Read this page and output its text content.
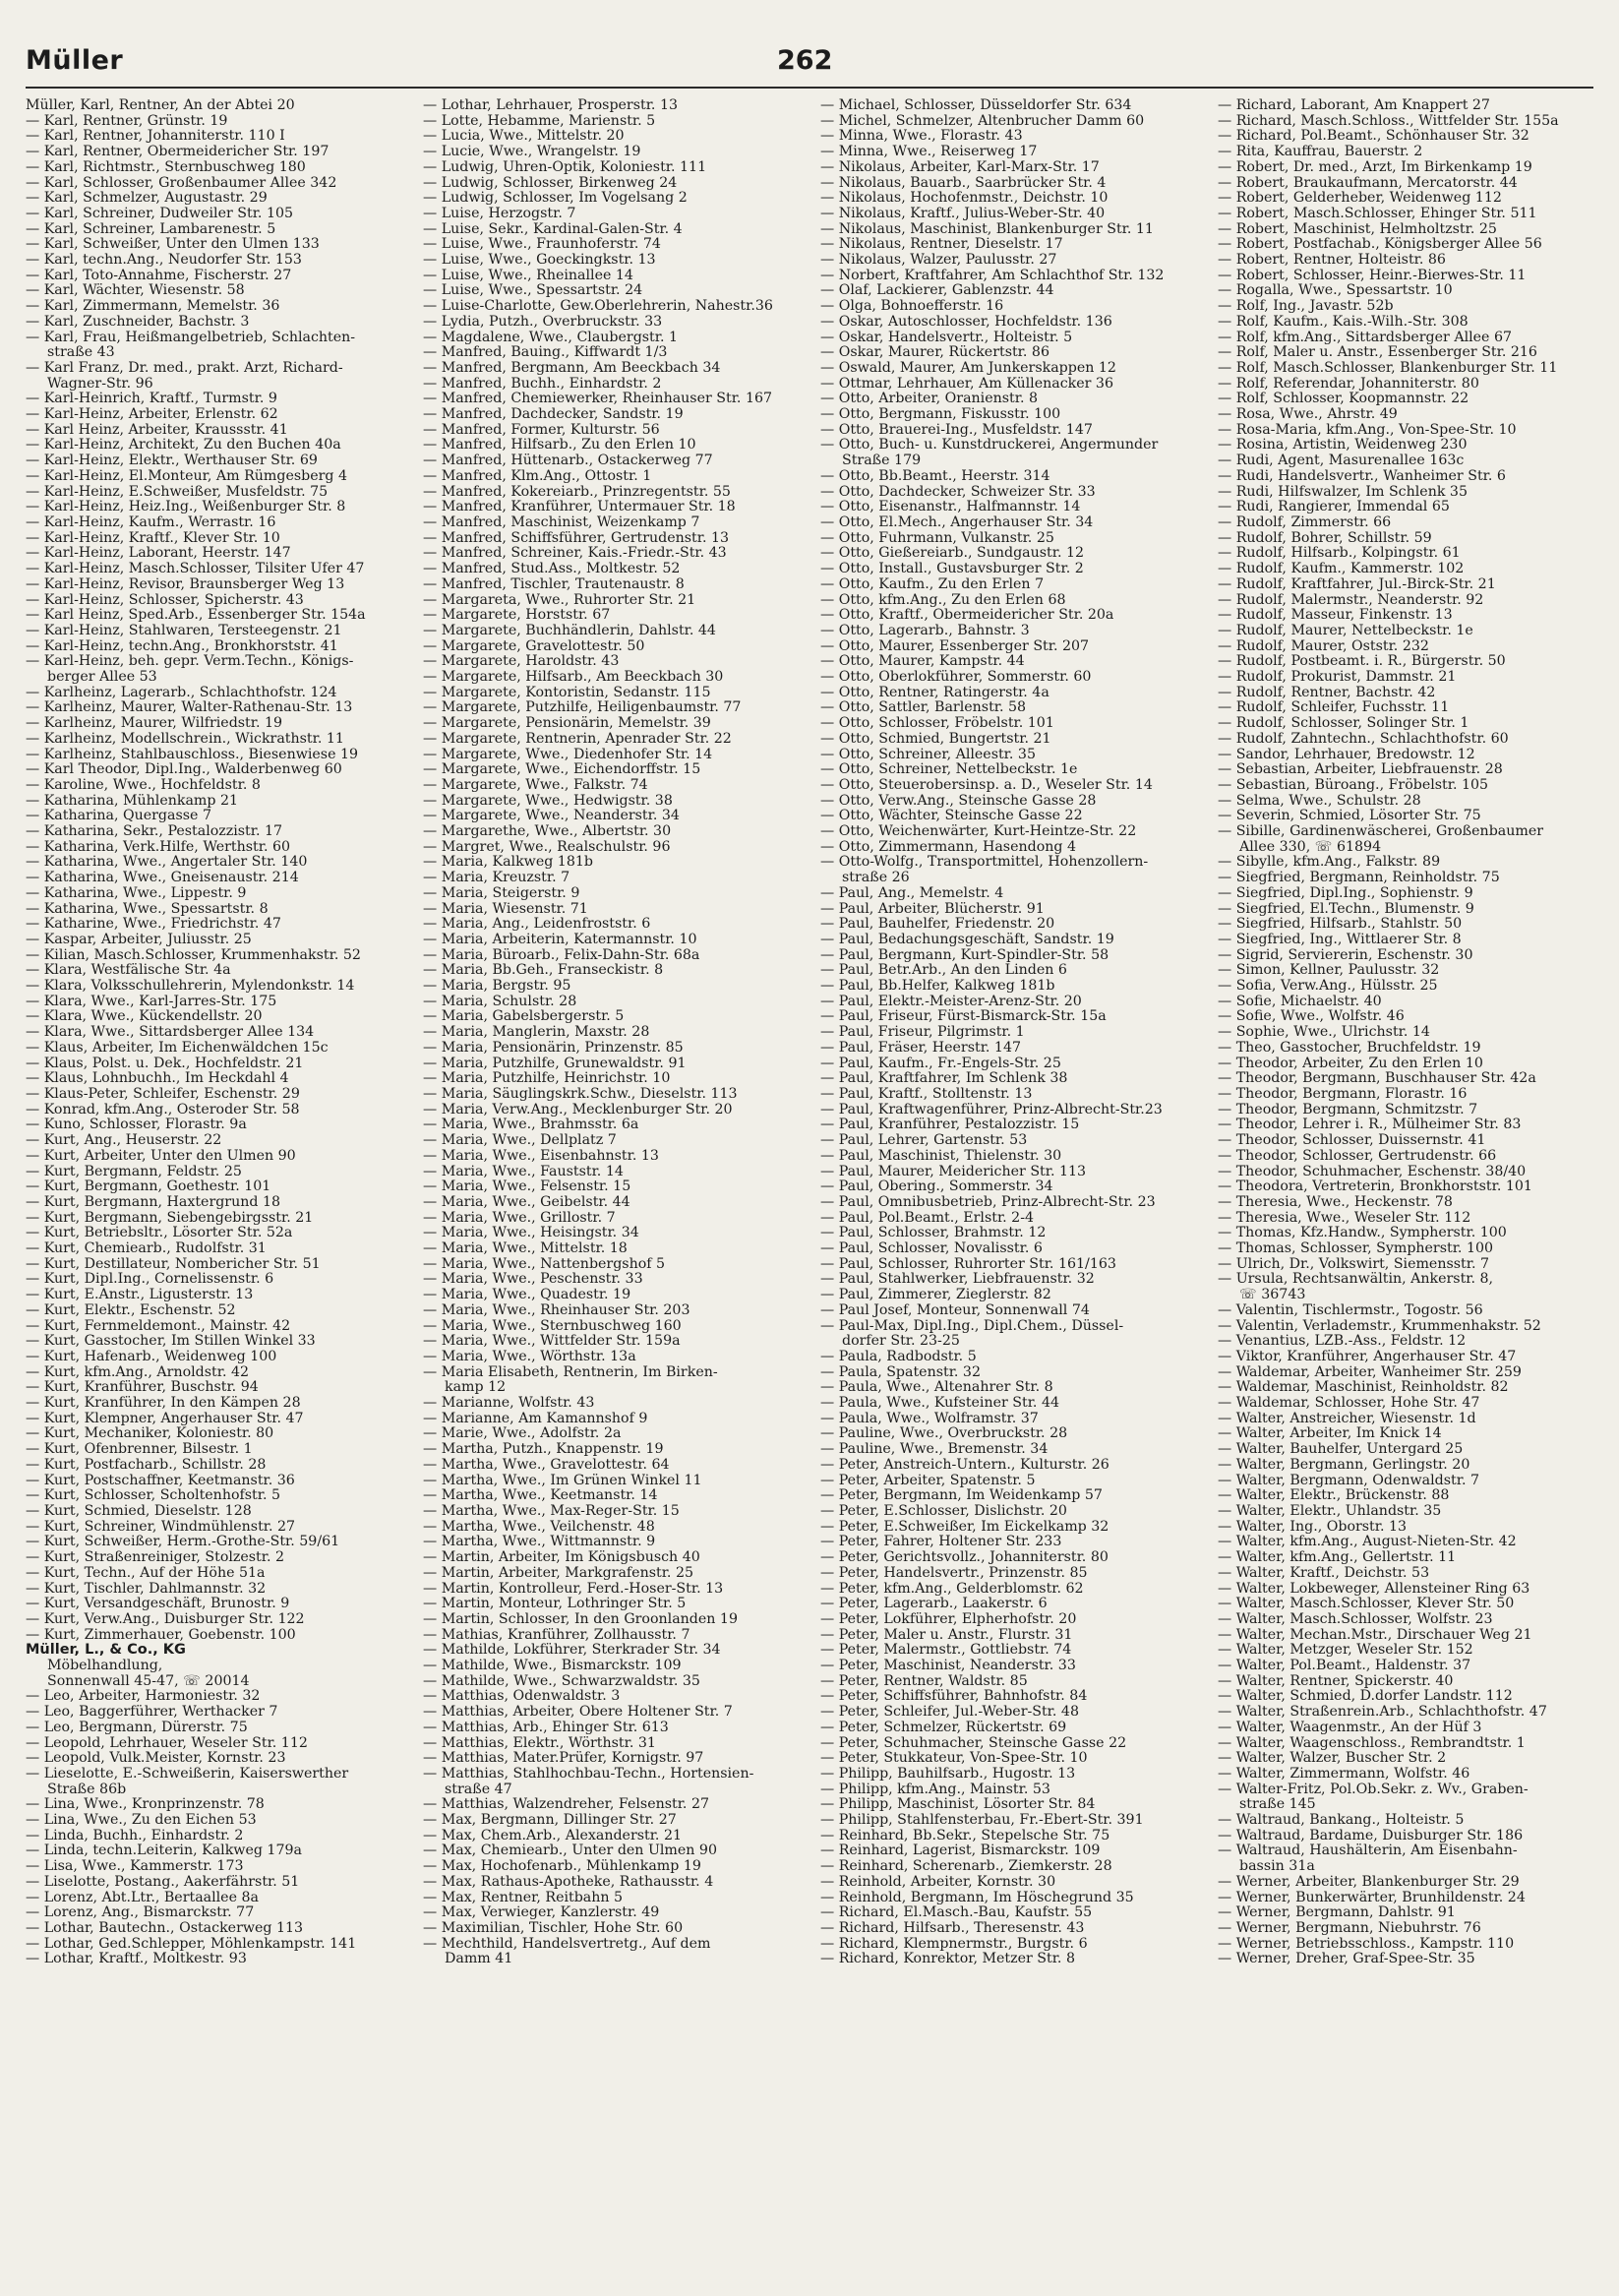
Müller	262

Müller, Karl, Rentner, An der Abtei 20

— Karl, Rentner, Grünstr. 19

— Karl, Rentner, Johanniterstr. 110 I

— Karl, Rentner, Obermeidericher Str. 197

— Karl, Richtmstr., Sternbuschweg 180

— Karl, Schlosser, Großenbaumer Allee 342

— Karl, Schmelzer, Augustastr. 29

— Karl, Schreiner, Dudweiler Str. 105

— Karl, Schreiner, Lambarenestr. 5

— Karl, Schweißer, Unter den Ulmen 133

— Karl, techn.Ang., Neudorfer Str. 153

— Karl, Toto-Annahme, Fischerstr. 27

— Karl, Wächter, Wiesenstr. 58

— Karl, Zimmermann, Memelstr. 36

— Karl, Zuschneider, Bachstr. 3

— Karl, Frau, Heißmangelbetrieb, Schlachten-

straße 43

— Karl Franz, Dr. med., prakt. Arzt, Richard-

Wagner-Str. 96

— Karl-Heinrich, Kraftf., Turmstr. 9

— Karl-Heinz, Arbeiter, Erlenstr. 62

— Karl Heinz, Arbeiter, Kraussstr. 41

— Karl-Heinz, Architekt, Zu den Buchen 40a

— Karl-Heinz, Elektr., Werthauser Str. 69

— Karl-Heinz, El.Monteur, Am Rümgesberg 4

— Karl-Heinz, E.Schweißer, Musfeldstr. 75

— Karl-Heinz, Heiz.Ing., Weißenburger Str. 8

— Karl-Heinz, Kaufm., Werrastr. 16

— Karl-Heinz, Kraftf., Klever Str. 10

— Karl-Heinz, Laborant, Heerstr. 147

— Karl-Heinz, Masch.Schlosser, Tilsiter Ufer 47

— Karl-Heinz, Revisor, Braunsberger Weg 13

— Karl-Heinz, Schlosser, Spicherstr. 43

— Karl Heinz, Sped.Arb., Essenberger Str. 154a

— Karl-Heinz, Stahlwaren, Tersteegenstr. 21

— Karl-Heinz, techn.Ang., Bronkhorststr. 41

— Karl-Heinz, beh. gepr. Verm.Techn., Königs-

berger Allee 53

— Karlheinz, Lagerarb., Schlachthofstr. 124

— Karlheinz, Maurer, Walter-Rathenau-Str. 13

— Karlheinz, Maurer, Wilfriedstr. 19

— Karlheinz, Modellschrein., Wickrathstr. 11

— Karlheinz, Stahlbauschloss., Biesenwiese 19

— Karl Theodor, Dipl.Ing., Walderbenweg 60

— Karoline, Wwe., Hochfeldstr. 8

— Katharina, Mühlenkamp 21

— Katharina, Quergasse 7

— Katharina, Sekr., Pestalozzistr. 17

— Katharina, Verk.Hilfe, Werthstr. 60

— Katharina, Wwe., Angertaler Str. 140

— Katharina, Wwe., Gneisenaustr. 214

— Katharina, Wwe., Lippestr. 9

— Katharina, Wwe., Spessartstr. 8

— Katharine, Wwe., Friedrichstr. 47

— Kaspar, Arbeiter, Juliusstr. 25

— Kilian, Masch.Schlosser, Krummenhakstr. 52

— Klara, Westfälische Str. 4a

— Klara, Volksschullehrerin, Mylendonkstr. 14

— Klara, Wwe., Karl-Jarres-Str. 175

— Klara, Wwe., Kückendellstr. 20

— Klara, Wwe., Sittardsberger Allee 134

— Klaus, Arbeiter, Im Eichenwäldchen 15c

— Klaus, Polst. u. Dek., Hochfeldstr. 21

— Klaus, Lohnbuchh., Im Heckdahl 4

— Klaus-Peter, Schleifer, Eschenstr. 29

— Konrad, kfm.Ang., Osteroder Str. 58

— Kuno, Schlosser, Florastr. 9a

— Kurt, Ang., Heuserstr. 22

— Kurt, Arbeiter, Unter den Ulmen 90

— Kurt, Bergmann, Feldstr. 25

— Kurt, Bergmann, Goethestr. 101

— Kurt, Bergmann, Haxtergrund 18

— Kurt, Bergmann, Siebengebirgsstr. 21

— Kurt, Betriebsltr., Lösorter Str. 52a

— Kurt, Chemiearb., Rudolfstr. 31

— Kurt, Destillateur, Nombericher Str. 51

— Kurt, Dipl.Ing., Cornelissenstr. 6

— Kurt, E.Anstr., Ligusterstr. 13

— Kurt, Elektr., Eschenstr. 52

— Kurt, Fernmeldemont., Mainstr. 42

— Kurt, Gasstocher, Im Stillen Winkel 33

— Kurt, Hafenarb., Weidenweg 100

— Kurt, kfm.Ang., Arnoldstr. 42

— Kurt, Kranführer, Buschstr. 94

— Kurt, Kranführer, In den Kämpen 28

— Kurt, Klempner, Angerhauser Str. 47

— Kurt, Mechaniker, Koloniestr. 80

— Kurt, Ofenbrenner, Bilsestr. 1

— Kurt, Postfacharb., Schillstr. 28

— Kurt, Postschaffner, Keetmanstr. 36

— Kurt, Schlosser, Scholtenhofstr. 5

— Kurt, Schmied, Dieselstr. 128

— Kurt, Schreiner, Windmühlenstr. 27

— Kurt, Schweißer, Herm.-Grothe-Str. 59/61

— Kurt, Straßenreiniger, Stolzestr. 2

— Kurt, Techn., Auf der Höhe 51a

— Kurt, Tischler, Dahlmannstr. 32

— Kurt, Versandgeschäft, Brunostr. 9

— Kurt, Verw.Ang., Duisburger Str. 122

— Kurt, Zimmerhauer, Goebenstr. 100

Müller, L., & Co., KG

Möbelhandlung,

Sonnenwall 45-47, ☏ 20014

— Leo, Arbeiter, Harmoniestr. 32

— Leo, Baggerführer, Werthacker 7

— Leo, Bergmann, Dürerstr. 75

— Leopold, Lehrhauer, Weseler Str. 112

— Leopold, Vulk.Meister, Kornstr. 23

— Lieselotte, E.-Schweißerin, Kaiserswerther

Straße 86b

— Lina, Wwe., Kronprinzenstr. 78

— Lina, Wwe., Zu den Eichen 53

— Linda, Buchh., Einhardstr. 2

— Linda, techn.Leiterin, Kalkweg 179a

— Lisa, Wwe., Kammerstr. 173

— Liselotte, Postang., Aakerfährstr. 51

— Lorenz, Abt.Ltr., Bertaallee 8a

— Lorenz, Ang., Bismarckstr. 77

— Lothar, Bautechn., Ostackerweg 113

— Lothar, Ged.Schlepper, Möhlenkampstr. 141

— Lothar, Kraftf., Moltkestr. 93

— Lothar, Lehrhauer, Prosperstr. 13

— Lotte, Hebamme, Marienstr. 5

— Lucia, Wwe., Mittelstr. 20

— Lucie, Wwe., Wrangelstr. 19

— Ludwig, Uhren-Optik, Koloniestr. 111

— Ludwig, Schlosser, Birkenweg 24

— Ludwig, Schlosser, Im Vogelsang 2

— Luise, Herzogstr. 7

— Luise, Sekr., Kardinal-Galen-Str. 4

— Luise, Wwe., Fraunhoferstr. 74

— Luise, Wwe., Goeckingkstr. 13

— Luise, Wwe., Rheinallee 14

— Luise, Wwe., Spessartstr. 24

— Luise-Charlotte, Gew.Oberlehrerin, Nahestr.36

— Lydia, Putzh., Overbruckstr. 33

— Magdalene, Wwe., Claubergstr. 1

— Manfred, Bauing., Kiffwardt 1/3

— Manfred, Bergmann, Am Beeckbach 34

— Manfred, Buchh., Einhardstr. 2

— Manfred, Chemiewerker, Rheinhauser Str. 167

— Manfred, Dachdecker, Sandstr. 19

— Manfred, Former, Kulturstr. 56

— Manfred, Hilfsarb., Zu den Erlen 10

— Manfred, Hüttenarb., Ostackerweg 77

— Manfred, Klm.Ang., Ottostr. 1

— Manfred, Kokereiarb., Prinzregentstr. 55

— Manfred, Kranführer, Untermauer Str. 18

— Manfred, Maschinist, Weizenkamp 7

— Manfred, Schiffsführer, Gertrudenstr. 13

— Manfred, Schreiner, Kais.-Friedr.-Str. 43

— Manfred, Stud.Ass., Moltkestr. 52

— Manfred, Tischler, Trautenaustr. 8

— Margareta, Wwe., Ruhrorter Str. 21

— Margarete, Horststr. 67

— Margarete, Buchhändlerin, Dahlstr. 44

— Margarete, Gravelottestr. 50

— Margarete, Haroldstr. 43

— Margarete, Hilfsarb., Am Beeckbach 30

— Margarete, Kontoristin, Sedanstr. 115

— Margarete, Putzhilfe, Heiligenbaumstr. 77

— Margarete, Pensionärin, Memelstr. 39

— Margarete, Rentnerin, Apenrader Str. 22

— Margarete, Wwe., Diedenhofer Str. 14

— Margarete, Wwe., Eichendorffstr. 15

— Margarete, Wwe., Falkstr. 74

— Margarete, Wwe., Hedwigstr. 38

— Margarete, Wwe., Neanderstr. 34

— Margarethe, Wwe., Albertstr. 30

— Margret, Wwe., Realschulstr. 96

— Maria, Kalkweg 181b

— Maria, Kreuzstr. 7

— Maria, Steigerstr. 9

— Maria, Wiesenstr. 71

— Maria, Ang., Leidenfroststr. 6

— Maria, Arbeiterin, Katermannstr. 10

— Maria, Büroarb., Felix-Dahn-Str. 68a

— Maria, Bb.Geh., Franseckistr. 8

— Maria, Bergstr. 95

— Maria, Schulstr. 28

— Maria, Gabelsbergerstr. 5

— Maria, Manglerin, Maxstr. 28

— Maria, Pensionärin, Prinzenstr. 85

— Maria, Putzhilfe, Grunewaldstr. 91

— Maria, Putzhilfe, Heinrichstr. 10

— Maria, Säuglingskrk.Schw., Dieselstr. 113

— Maria, Verw.Ang., Mecklenburger Str. 20

— Maria, Wwe., Brahmsstr. 6a

— Maria, Wwe., Dellplatz 7

— Maria, Wwe., Eisenbahnstr. 13

— Maria, Wwe., Fauststr. 14

— Maria, Wwe., Felsenstr. 15

— Maria, Wwe., Geibelstr. 44

— Maria, Wwe., Grillostr. 7

— Maria, Wwe., Heisingstr. 34

— Maria, Wwe., Mittelstr. 18

— Maria, Wwe., Nattenbergshof 5

— Maria, Wwe., Peschenstr. 33

— Maria, Wwe., Quadestr. 19

— Maria, Wwe., Rheinhauser Str. 203

— Maria, Wwe., Sternbuschweg 160

— Maria, Wwe., Wittfelder Str. 159a

— Maria, Wwe., Wörthstr. 13a

— Maria Elisabeth, Rentnerin, Im Birken-

kamp 12

— Marianne, Wolfstr. 43

— Marianne, Am Kamannshof 9

— Marie, Wwe., Adolfstr. 2a

— Martha, Putzh., Knappenstr. 19

— Martha, Wwe., Gravelottestr. 64

— Martha, Wwe., Im Grünen Winkel 11

— Martha, Wwe., Keetmanstr. 14

— Martha, Wwe., Max-Reger-Str. 15

— Martha, Wwe., Veilchenstr. 48

— Martha, Wwe., Wittmannstr. 9

— Martin, Arbeiter, Im Königsbusch 40

— Martin, Arbeiter, Markgrafenstr. 25

— Martin, Kontrolleur, Ferd.-Hoser-Str. 13

— Martin, Monteur, Lothringer Str. 5

— Martin, Schlosser, In den Groonlanden 19

— Mathias, Kranführer, Zollhausstr. 7

— Mathilde, Lokführer, Sterkrader Str. 34

— Mathilde, Wwe., Bismarckstr. 109

— Mathilde, Wwe., Schwarzwaldstr. 35

— Matthias, Odenwaldstr. 3

— Matthias, Arbeiter, Obere Holtener Str. 7

— Matthias, Arb., Ehinger Str. 613

— Matthias, Elektr., Wörthstr. 31

— Matthias, Mater.Prüfer, Kornigstr. 97

— Matthias, Stahlhochbau-Techn., Hortensien-

straße 47

— Matthias, Walzendreher, Felsenstr. 27

— Max, Bergmann, Dillinger Str. 27

— Max, Chem.Arb., Alexanderstr. 21

— Max, Chemiearb., Unter den Ulmen 90

— Max, Hochofenarb., Mühlenkamp 19

— Max, Rathaus-Apotheke, Rathausstr. 4

— Max, Rentner, Reitbahn 5

— Max, Verwieger, Kanzlerstr. 49

— Maximilian, Tischler, Hohe Str. 60

— Mechthild, Handelsvertretg., Auf dem

Damm 41

— Michael, Schlosser, Düsseldorfer Str. 634

— Michel, Schmelzer, Altenbrucher Damm 60

— Minna, Wwe., Florastr. 43

— Minna, Wwe., Reiserweg 17

— Nikolaus, Arbeiter, Karl-Marx-Str. 17

— Nikolaus, Bauarb., Saarbrücker Str. 4

— Nikolaus, Hochofenmstr., Deichstr. 10

— Nikolaus, Kraftf., Julius-Weber-Str. 40

— Nikolaus, Maschinist, Blankenburger Str. 11

— Nikolaus, Rentner, Dieselstr. 17

— Nikolaus, Walzer, Paulusstr. 27

— Norbert, Kraftfahrer, Am Schlachthof Str. 132

— Olaf, Lackierer, Gablenzstr. 44

— Olga, Bohnoefferstr. 16

— Oskar, Autoschlosser, Hochfeldstr. 136

— Oskar, Handelsvertr., Holteistr. 5

— Oskar, Maurer, Rückertstr. 86

— Oswald, Maurer, Am Junkerskappen 12

— Ottmar, Lehrhauer, Am Küllenacker 36

— Otto, Arbeiter, Oranienstr. 8

— Otto, Bergmann, Fiskusstr. 100

— Otto, Brauerei-Ing., Musfeldstr. 147

— Otto, Buch- u. Kunstdruckerei, Angermunder

Straße 179

— Otto, Bb.Beamt., Heerstr. 314

— Otto, Dachdecker, Schweizer Str. 33

— Otto, Eisenanstr., Halfmannstr. 14

— Otto, El.Mech., Angerhauser Str. 34

— Otto, Fuhrmann, Vulkanstr. 25

— Otto, Gießereiarb., Sundgaustr. 12

— Otto, Install., Gustavsburger Str. 2

— Otto, Kaufm., Zu den Erlen 7

— Otto, kfm.Ang., Zu den Erlen 68

— Otto, Kraftf., Obermeidericher Str. 20a

— Otto, Lagerarb., Bahnstr. 3

— Otto, Maurer, Essenberger Str. 207

— Otto, Maurer, Kampstr. 44

— Otto, Oberlokführer, Sommerstr. 60

— Otto, Rentner, Ratingerstr. 4a

— Otto, Sattler, Barlenstr. 58

— Otto, Schlosser, Fröbelstr. 101

— Otto, Schmied, Bungertstr. 21

— Otto, Schreiner, Alleestr. 35

— Otto, Schreiner, Nettelbeckstr. 1e

— Otto, Steuerobersinsp. a. D., Weseler Str. 14

— Otto, Verw.Ang., Steinsche Gasse 28

— Otto, Wächter, Steinsche Gasse 22

— Otto, Weichenwärter, Kurt-Heintze-Str. 22

— Otto, Zimmermann, Hasendong 4

— Otto-Wolfg., Transportmittel, Hohenzollern-

straße 26

— Paul, Ang., Memelstr. 4

— Paul, Arbeiter, Blücherstr. 91

— Paul, Bauhelfer, Friedenstr. 20

— Paul, Bedachungsgeschäft, Sandstr. 19

— Paul, Bergmann, Kurt-Spindler-Str. 58

— Paul, Betr.Arb., An den Linden 6

— Paul, Bb.Helfer, Kalkweg 181b

— Paul, Elektr.-Meister-Arenz-Str. 20

— Paul, Friseur, Fürst-Bismarck-Str. 15a

— Paul, Friseur, Pilgrimstr. 1

— Paul, Fräser, Heerstr. 147

— Paul, Kaufm., Fr.-Engels-Str. 25

— Paul, Kraftfahrer, Im Schlenk 38

— Paul, Kraftf., Stolltenstr. 13

— Paul, Kraftwagenführer, Prinz-Albrecht-Str.23

— Paul, Kranführer, Pestalozzistr. 15

— Paul, Lehrer, Gartenstr. 53

— Paul, Maschinist, Thielenstr. 30

— Paul, Maurer, Meidericher Str. 113

— Paul, Obering., Sommerstr. 34

— Paul, Omnibusbetrieb, Prinz-Albrecht-Str. 23

— Paul, Pol.Beamt., Erlstr. 2-4

— Paul, Schlosser, Brahmstr. 12

— Paul, Schlosser, Novalisstr. 6

— Paul, Schlosser, Ruhrorter Str. 161/163

— Paul, Stahlwerker, Liebfrauenstr. 32

— Paul, Zimmerer, Zieglerstr. 82

— Paul Josef, Monteur, Sonnenwall 74

— Paul-Max, Dipl.Ing., Dipl.Chem., Düssel-

dorfer Str. 23-25

— Paula, Radbodstr. 5

— Paula, Spatenstr. 32

— Paula, Wwe., Altenahrer Str. 8

— Paula, Wwe., Kufsteiner Str. 44

— Paula, Wwe., Wolframstr. 37

— Pauline, Wwe., Overbruckstr. 28

— Pauline, Wwe., Bremenstr. 34

— Peter, Anstreich-Untern., Kulturstr. 26

— Peter, Arbeiter, Spatenstr. 5

— Peter, Bergmann, Im Weidenkamp 57

— Peter, E.Schlosser, Dislichstr. 20

— Peter, E.Schweißer, Im Eickelkamp 32

— Peter, Fahrer, Holtener Str. 233

— Peter, Gerichtsvollz., Johanniterstr. 80

— Peter, Handelsvertr., Prinzenstr. 85

— Peter, kfm.Ang., Gelderblomstr. 62

— Peter, Lagerarb., Laakerstr. 6

— Peter, Lokführer, Elpherhofstr. 20

— Peter, Maler u. Anstr., Flurstr. 31

— Peter, Malermstr., Gottliebstr. 74

— Peter, Maschinist, Neanderstr. 33

— Peter, Rentner, Waldstr. 85

— Peter, Schiffsführer, Bahnhofstr. 84

— Peter, Schleifer, Jul.-Weber-Str. 48

— Peter, Schmelzer, Rückertstr. 69

— Peter, Schuhmacher, Steinsche Gasse 22

— Peter, Stukkateur, Von-Spee-Str. 10

— Philipp, Bauhilfsarb., Hugostr. 13

— Philipp, kfm.Ang., Mainstr. 53

— Philipp, Maschinist, Lösorter Str. 84

— Philipp, Stahlfensterbau, Fr.-Ebert-Str. 391

— Reinhard, Bb.Sekr., Stepelsche Str. 75

— Reinhard, Lagerist, Bismarckstr. 109

— Reinhard, Scherenarb., Ziemkerstr. 28

— Reinhold, Arbeiter, Kornstr. 30

— Reinhold, Bergmann, Im Höschegrund 35

— Richard, El.Masch.-Bau, Kaufstr. 55

— Richard, Hilfsarb., Theresenstr. 43

— Richard, Klempnermstr., Burgstr. 6

— Richard, Konrektor, Metzer Str. 8

— Richard, Laborant, Am Knappert 27

— Richard, Masch.Schloss., Wittfelder Str. 155a

— Richard, Pol.Beamt., Schönhauser Str. 32

— Rita, Kauffrau, Bauerstr. 2

— Robert, Dr. med., Arzt, Im Birkenkamp 19

— Robert, Braukaufmann, Mercatorstr. 44

— Robert, Gelderheber, Weidenweg 112

— Robert, Masch.Schlosser, Ehinger Str. 511

— Robert, Maschinist, Helmholtzstr. 25

— Robert, Postfachab., Königsberger Allee 56

— Robert, Rentner, Holteistr. 86

— Robert, Schlosser, Heinr.-Bierwes-Str. 11

— Rogalla, Wwe., Spessartstr. 10

— Rolf, Ing., Javastr. 52b

— Rolf, Kaufm., Kais.-Wilh.-Str. 308

— Rolf, kfm.Ang., Sittardsberger Allee 67

— Rolf, Maler u. Anstr., Essenberger Str. 216

— Rolf, Masch.Schlosser, Blankenburger Str. 11

— Rolf, Referendar, Johanniterstr. 80

— Rolf, Schlosser, Koopmannstr. 22

— Rosa, Wwe., Ahrstr. 49

— Rosa-Maria, kfm.Ang., Von-Spee-Str. 10

— Rosina, Artistin, Weidenweg 230

— Rudi, Agent, Masurenallee 163c

— Rudi, Handelsvertr., Wanheimer Str. 6

— Rudi, Hilfswalzer, Im Schlenk 35

— Rudi, Rangierer, Immendal 65

— Rudolf, Zimmerstr. 66

— Rudolf, Bohrer, Schillstr. 59

— Rudolf, Hilfsarb., Kolpingstr. 61

— Rudolf, Kaufm., Kammerstr. 102

— Rudolf, Kraftfahrer, Jul.-Birck-Str. 21

— Rudolf, Malermstr., Neanderstr. 92

— Rudolf, Masseur, Finkenstr. 13

— Rudolf, Maurer, Nettelbeckstr. 1e

— Rudolf, Maurer, Oststr. 232

— Rudolf, Postbeamt. i. R., Bürgerstr. 50

— Rudolf, Prokurist, Dammstr. 21

— Rudolf, Rentner, Bachstr. 42

— Rudolf, Schleifer, Fuchsstr. 11

— Rudolf, Schlosser, Solinger Str. 1

— Rudolf, Zahntechn., Schlachthofstr. 60

— Sandor, Lehrhauer, Bredowstr. 12

— Sebastian, Arbeiter, Liebfrauenstr. 28

— Sebastian, Büroang., Fröbelstr. 105

— Selma, Wwe., Schulstr. 28

— Severin, Schmied, Lösorter Str. 75

— Sibille, Gardinenwäscherei, Großenbaumer

Allee 330, ☏ 61894

— Sibylle, kfm.Ang., Falkstr. 89

— Siegfried, Bergmann, Reinholdstr. 75

— Siegfried, Dipl.Ing., Sophienstr. 9

— Siegfried, El.Techn., Blumenstr. 9

— Siegfried, Hilfsarb., Stahlstr. 50

— Siegfried, Ing., Wittlaerer Str. 8

— Sigrid, Serviererin, Eschenstr. 30

— Simon, Kellner, Paulusstr. 32

— Sofia, Verw.Ang., Hülsstr. 25

— Sofie, Michaelstr. 40

— Sofie, Wwe., Wolfstr. 46

— Sophie, Wwe., Ulrichstr. 14

— Theo, Gasstocher, Bruchfeldstr. 19

— Theodor, Arbeiter, Zu den Erlen 10

— Theodor, Bergmann, Buschhauser Str. 42a

— Theodor, Bergmann, Florastr. 16

— Theodor, Bergmann, Schmitzstr. 7

— Theodor, Lehrer i. R., Mülheimer Str. 83

— Theodor, Schlosser, Duissernstr. 41

— Theodor, Schlosser, Gertrudenstr. 66

— Theodor, Schuhmacher, Eschenstr. 38/40

— Theodora, Vertreterin, Bronkhorststr. 101

— Theresia, Wwe., Heckenstr. 78

— Theresia, Wwe., Weseler Str. 112

— Thomas, Kfz.Handw., Sympherstr. 100

— Thomas, Schlosser, Sympherstr. 100

— Ulrich, Dr., Volkswirt, Siemensstr. 7

— Ursula, Rechtsanwältin, Ankerstr. 8,

☏ 36743

— Valentin, Tischlermstr., Togostr. 56

— Valentin, Verlademstr., Krummenhakstr. 52

— Venantius, LZB.-Ass., Feldstr. 12

— Viktor, Kranführer, Angerhauser Str. 47

— Waldemar, Arbeiter, Wanheimer Str. 259

— Waldemar, Maschinist, Reinholdstr. 82

— Waldemar, Schlosser, Hohe Str. 47

— Walter, Anstreicher, Wiesenstr. 1d

— Walter, Arbeiter, Im Knick 14

— Walter, Bauhelfer, Untergard 25

— Walter, Bergmann, Gerlingstr. 20

— Walter, Bergmann, Odenwaldstr. 7

— Walter, Elektr., Brückenstr. 88

— Walter, Elektr., Uhlandstr. 35

— Walter, Ing., Oborstr. 13

— Walter, kfm.Ang., August-Nieten-Str. 42

— Walter, kfm.Ang., Gellertstr. 11

— Walter, Kraftf., Deichstr. 53

— Walter, Lokbeweger, Allensteiner Ring 63

— Walter, Masch.Schlosser, Klever Str. 50

— Walter, Masch.Schlosser, Wolfstr. 23

— Walter, Mechan.Mstr., Dirschauer Weg 21

— Walter, Metzger, Weseler Str. 152

— Walter, Pol.Beamt., Haldenstr. 37

— Walter, Rentner, Spickerstr. 40

— Walter, Schmied, D.dorfer Landstr. 112

— Walter, Straßenrein.Arb., Schlachthofstr. 47

— Walter, Waagenmstr., An der Hüf 3

— Walter, Waagenschloss., Rembrandtstr. 1

— Walter, Walzer, Buscher Str. 2

— Walter, Zimmermann, Wolfstr. 46

— Walter-Fritz, Pol.Ob.Sekr. z. Wv., Graben-

straße 145

— Waltraud, Bankang., Holteistr. 5

— Waltraud, Bardame, Duisburger Str. 186

— Waltraud, Haushälterin, Am Eisenbahn-

bassin 31a

— Werner, Arbeiter, Blankenburger Str. 29

— Werner, Bunkerwärter, Brunhildenstr. 24

— Werner, Bergmann, Dahlstr. 91

— Werner, Bergmann, Niebuhrstr. 76

— Werner, Betriebsschloss., Kampstr. 110

— Werner, Dreher, Graf-Spee-Str. 35
